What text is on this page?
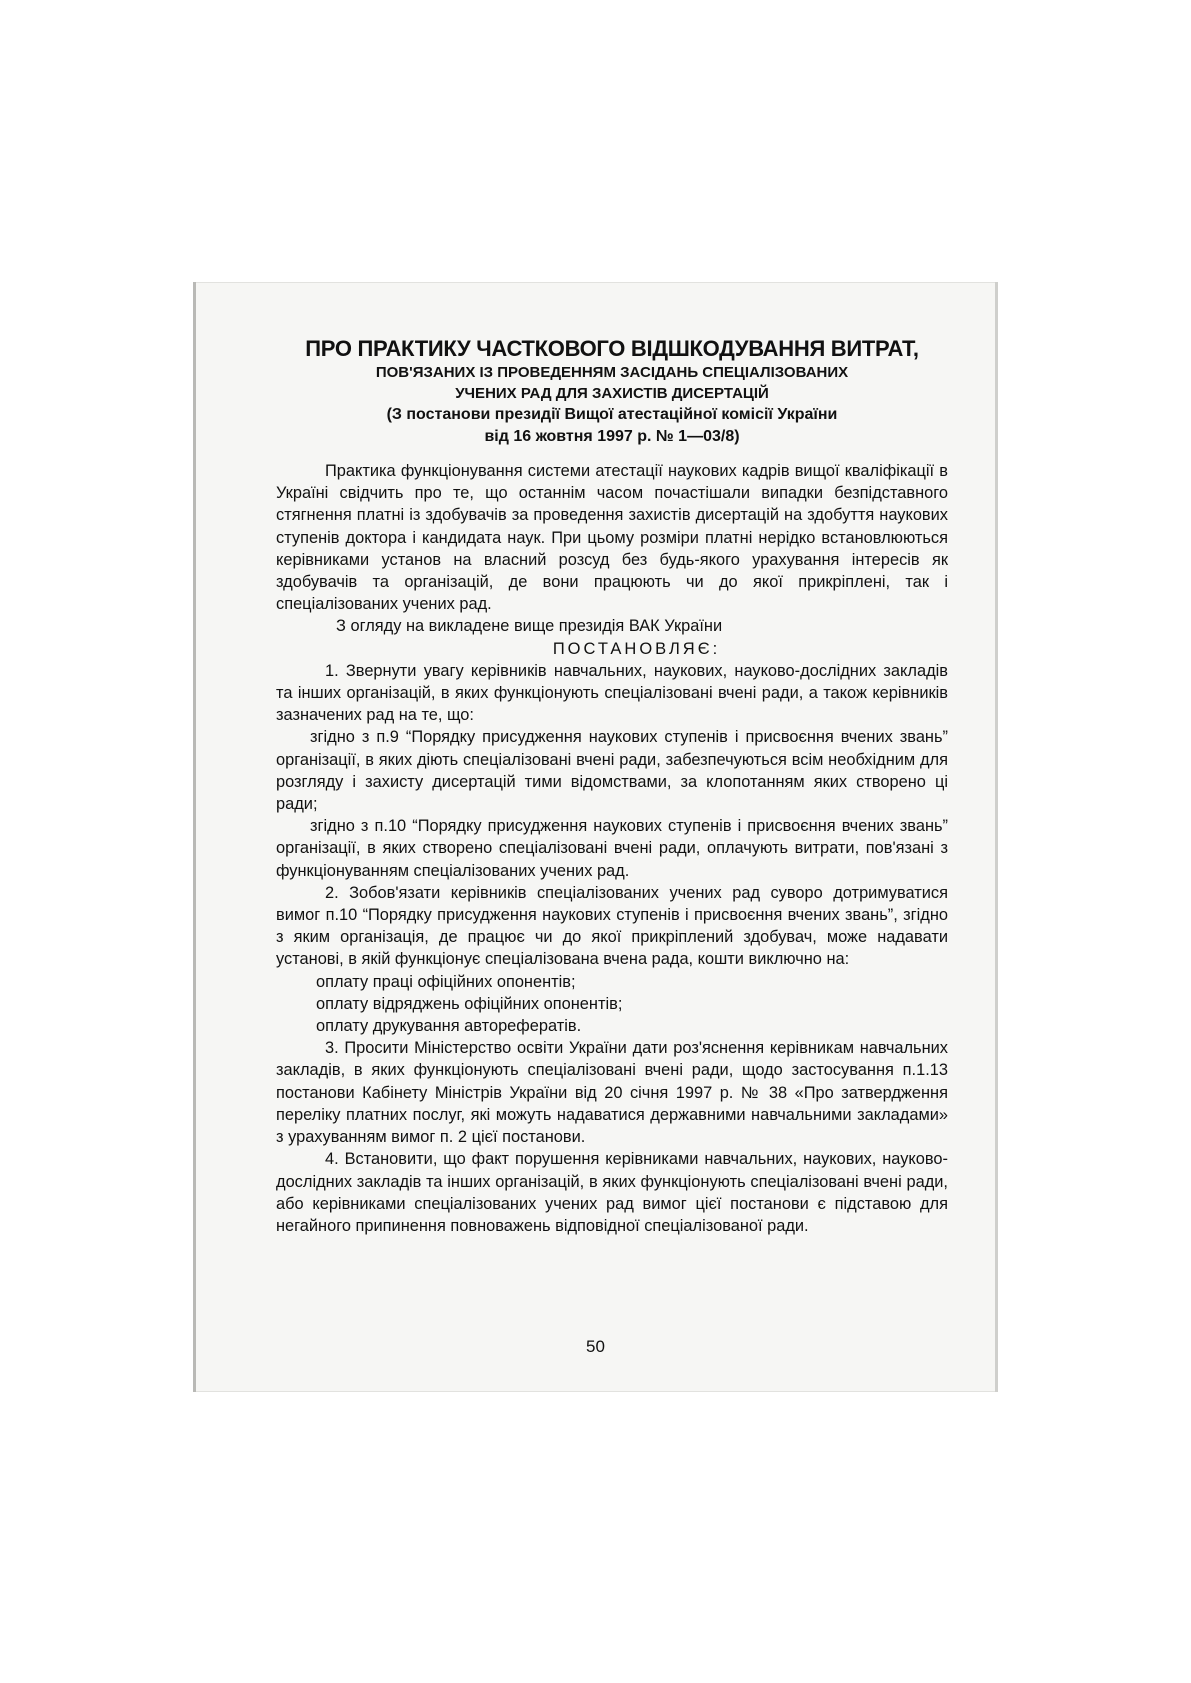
ПРО ПРАКТИКУ ЧАСТКОВОГО ВІДШКОДУВАННЯ ВИТРАТ,

ПОВ'ЯЗАНИХ ІЗ ПРОВЕДЕННЯМ ЗАСІДАНЬ СПЕЦІАЛІЗОВАНИХ

УЧЕНИХ РАД ДЛЯ ЗАХИСТІВ ДИСЕРТАЦІЙ

(З постанови президії Вищої атестаційної комісії України

від 16 жовтня 1997 р. № 1—03/8)

Практика функціонування системи атестації наукових кадрів вищої кваліфікації в Україні свідчить про те, що останнім часом почастішали випадки безпідставного стягнення платні із здобувачів за проведення захистів дисертацій на здобуття наукових ступенів доктора і кандидата наук. При цьому розміри платні нерідко встановлюються керівниками установ на власний розсуд без будь-якого урахування інтересів як здобувачів та організацій, де вони працюють чи до якої прикріплені, так і спеціалізованих учених рад.

З огляду на викладене вище президія ВАК України

ПОСТАНОВЛЯЄ:

1. Звернути увагу керівників навчальних, наукових, науково-дослідних закладів та інших організацій, в яких функціонують спеціалізовані вчені ради, а також керівників зазначених рад на те, що:

згідно з п.9 “Порядку присудження наукових ступенів і присвоєння вчених звань” організації, в яких діють спеціалізовані вчені ради, забезпечуються всім необхідним для розгляду і захисту дисертацій тими відомствами, за клопотанням яких створено ці ради;

згідно з п.10 “Порядку присудження наукових ступенів і присвоєння вчених звань” організації, в яких створено спеціалізовані вчені ради, оплачують витрати, пов'язані з функціонуванням спеціалізованих учених рад.

2. Зобов'язати керівників спеціалізованих учених рад суворо дотримуватися вимог п.10 “Порядку присудження наукових ступенів і присвоєння вчених звань”, згідно з яким організація, де працює чи до якої прикріплений здобувач, може надавати установі, в якій функціонує спеціалізована вчена рада, кошти виключно на:

оплату праці офіційних опонентів;

оплату відряджень офіційних опонентів;

оплату друкування авторефератів.

3. Просити Міністерство освіти України дати роз'яснення керівникам навчальних закладів, в яких функціонують спеціалізовані вчені ради, щодо застосування п.1.13 постанови Кабінету Міністрів України від 20 січня 1997 р. № 38 «Про затвердження переліку платних послуг, які можуть надаватися державними навчальними закладами» з урахуванням вимог п. 2 цієї постанови.

4. Встановити, що факт порушення керівниками навчальних, наукових, науково-дослідних закладів та інших організацій, в яких функціонують спеціалізовані вчені ради, або керівниками спеціалізованих учених рад вимог цієї постанови є підставою для негайного припинення повноважень відповідної спеціалізованої ради.

50
